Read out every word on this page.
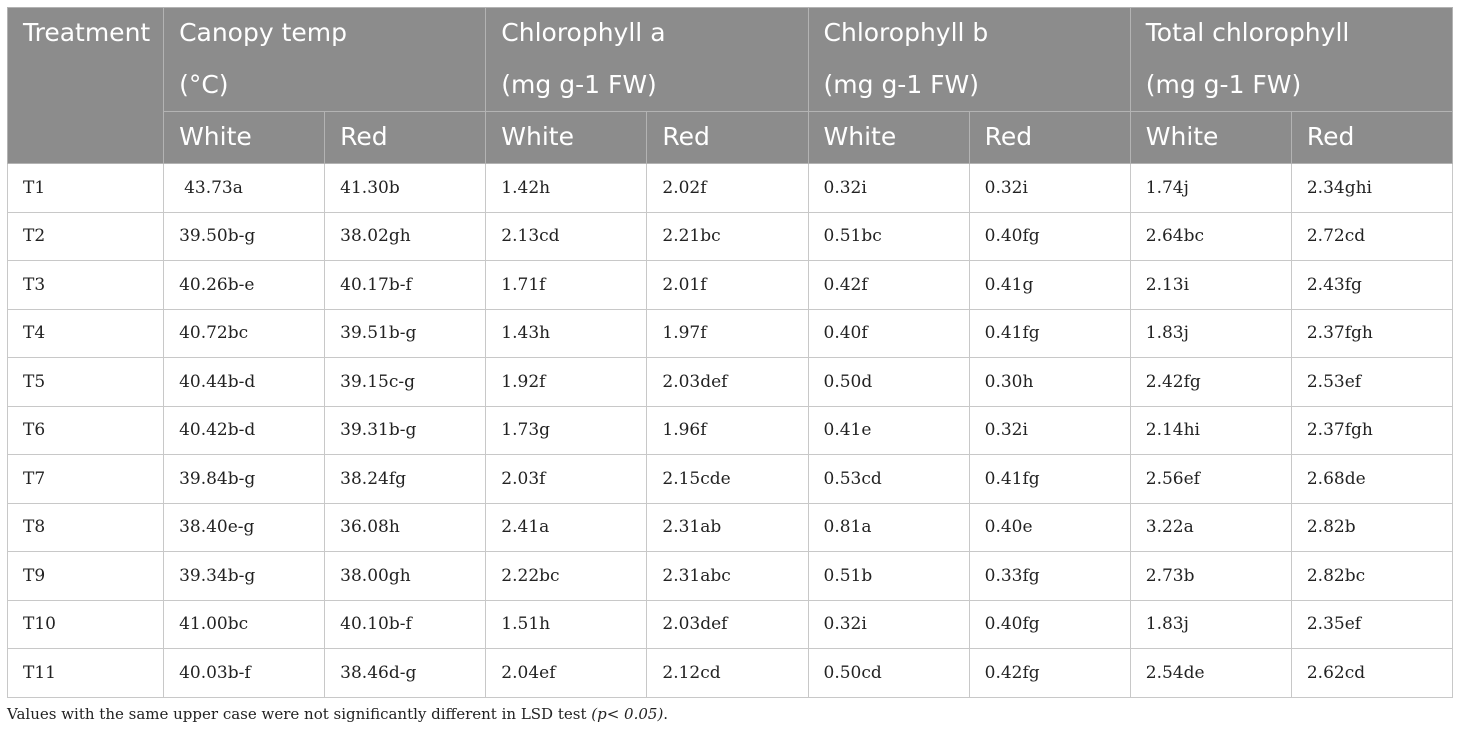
Treatment	Canopy temp		Chlorophyll a		Chlorophyll b		Total chlorophyll	
	(°C)		(mg g-1 FW)		(mg g-1 FW)		(mg g-1 FW)	
	White	Red	White	Red	White	Red	White	Red
T1	43.73a	41.30b	1.42h	2.02f	0.32i	0.32i	1.74j	2.34ghi
T2	39.50b-g	38.02gh	2.13cd	2.21bc	0.51bc	0.40fg	2.64bc	2.72cd
T3	40.26b-e	40.17b-f	1.71f	2.01f	0.42f	0.41g	2.13i	2.43fg
T4	40.72bc	39.51b-g	1.43h	1.97f	0.40f	0.41fg	1.83j	2.37fgh
T5	40.44b-d	39.15c-g	1.92f	2.03def	0.50d	0.30h	2.42fg	2.53ef
T6	40.42b-d	39.31b-g	1.73g	1.96f	0.41e	0.32i	2.14hi	2.37fgh
T7	39.84b-g	38.24fg	2.03f	2.15cde	0.53cd	0.41fg	2.56ef	2.68de
T8	38.40e-g	36.08h	2.41a	2.31ab	0.81a	0.40e	3.22a	2.82b
T9	39.34b-g	38.00gh	2.22bc	2.31abc	0.51b	0.33fg	2.73b	2.82bc
T10	41.00bc	40.10b-f	1.51h	2.03def	0.32i	0.40fg	1.83j	2.35ef
T11	40.03b-f	38.46d-g	2.04ef	2.12cd	0.50cd	0.42fg	2.54de	2.62cd
Values with the same upper case were not significantly different in LSD test (p< 0.05).
